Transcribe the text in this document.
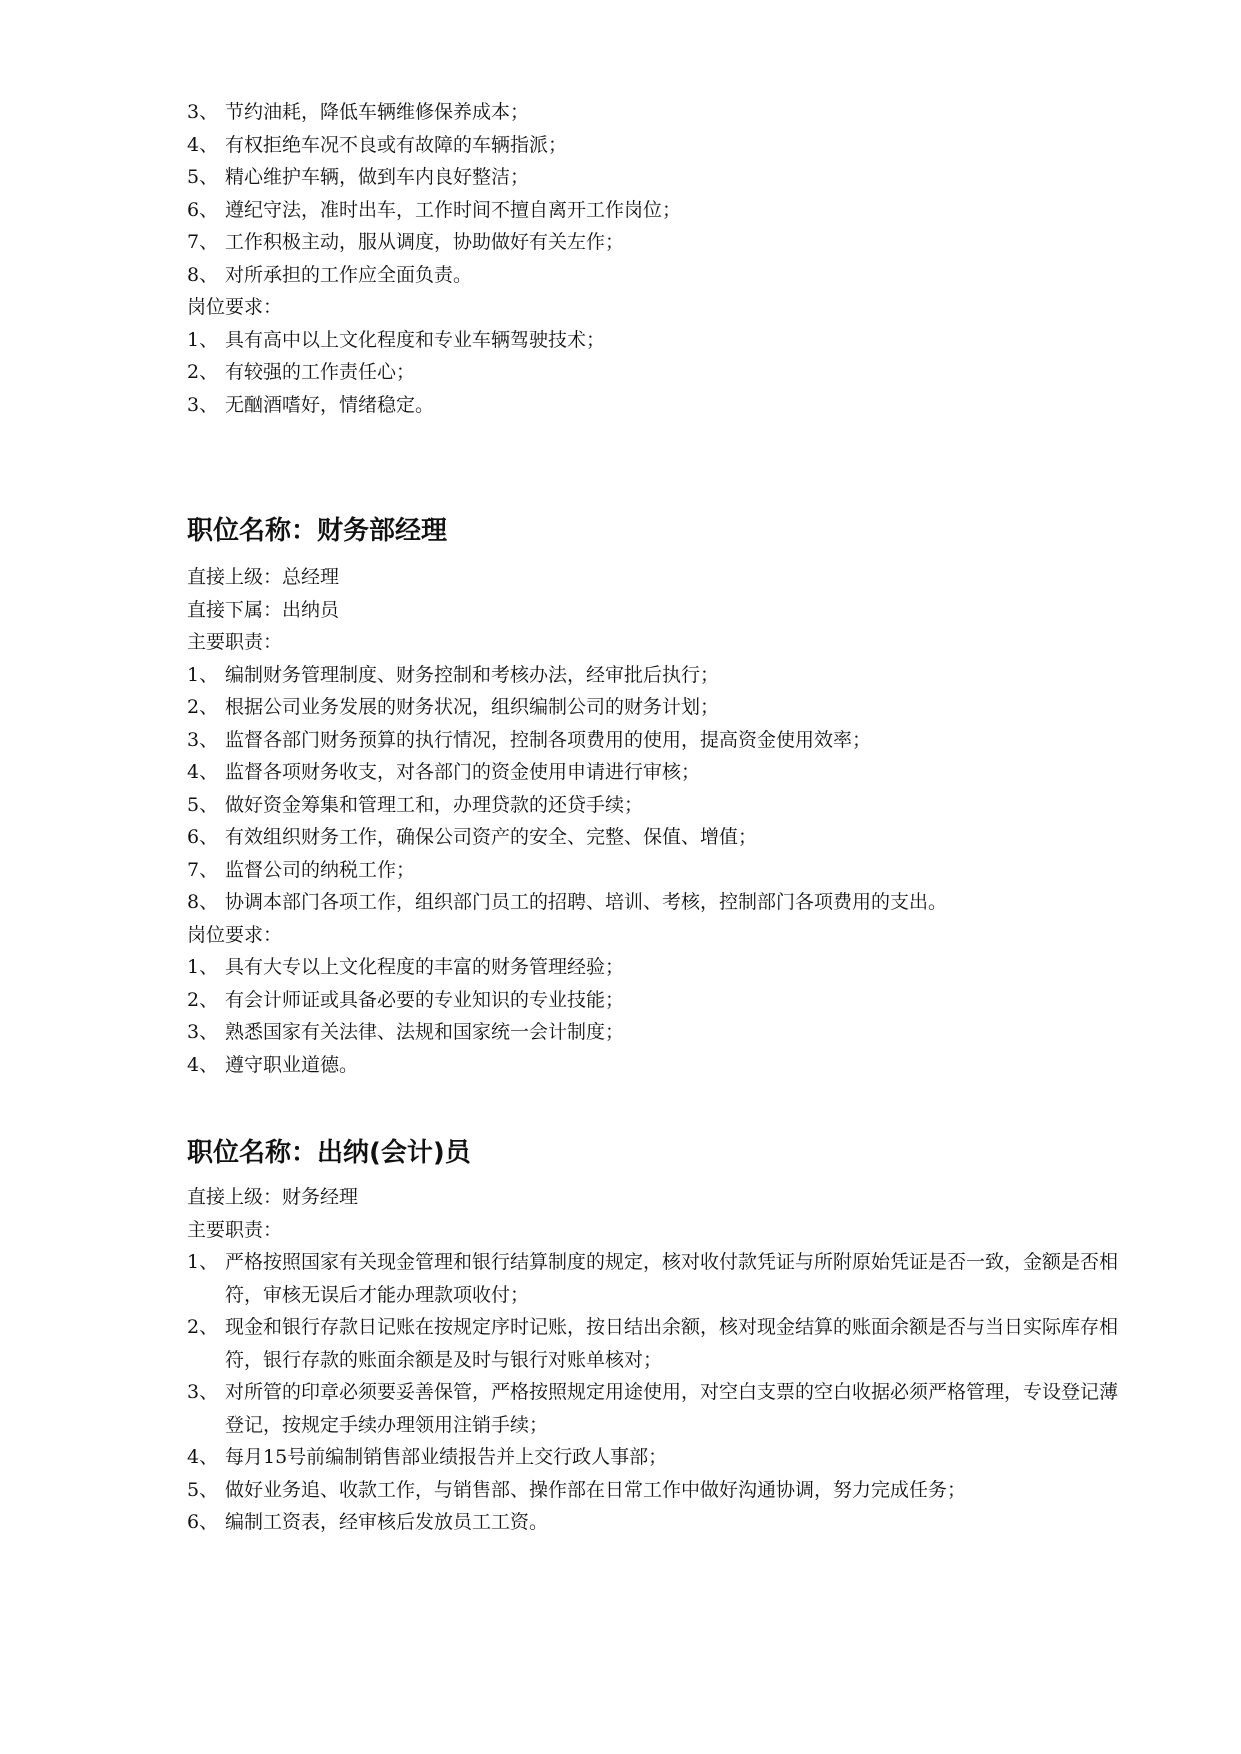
3、 节约油耗，降低车辆维修保养成本；
4、 有权拒绝车况不良或有故障的车辆指派；
5、 精心维护车辆，做到车内良好整洁；
6、 遵纪守法，准时出车，工作时间不擅自离开工作岗位；
7、 工作积极主动，服从调度，协助做好有关左作；
8、 对所承担的工作应全面负责。

岗位要求：

1、 具有高中以上文化程度和专业车辆驾驶技术；
2、 有较强的工作责任心；
3、 无酗酒嗜好，情绪稳定。
职位名称：财务部经理

直接上级：总经理

直接下属：出纳员

主要职责：

1、 编制财务管理制度、财务控制和考核办法，经审批后执行；
2、 根据公司业务发展的财务状况，组织编制公司的财务计划；
3、 监督各部门财务预算的执行情况，控制各项费用的使用，提高资金使用效率；
4、 监督各项财务收支，对各部门的资金使用申请进行审核；
5、 做好资金筹集和管理工和，办理贷款的还贷手续；
6、 有效组织财务工作，确保公司资产的安全、完整、保值、增值；
7、 监督公司的纳税工作；
8、 协调本部门各项工作，组织部门员工的招聘、培训、考核，控制部门各项费用的支出。

岗位要求：

1、 具有大专以上文化程度的丰富的财务管理经验；
2、 有会计师证或具备必要的专业知识的专业技能；
3、 熟悉国家有关法律、法规和国家统一会计制度；
4、 遵守职业道德。
职位名称：出纳(会计)员

直接上级：财务经理

主要职责：

1、 严格按照国家有关现金管理和银行结算制度的规定，核对收付款凭证与所附原始凭证是否一致，金额是否相符，审核无误后才能办理款项收付；
2、 现金和银行存款日记账在按规定序时记账，按日结出余额，核对现金结算的账面余额是否与当日实际库存相符，银行存款的账面余额是及时与银行对账单核对；
3、 对所管的印章必须要妥善保管，严格按照规定用途使用，对空白支票的空白收据必须严格管理，专设登记薄登记，按规定手续办理领用注销手续；
4、 每月15号前编制销售部业绩报告并上交行政人事部；
5、 做好业务追、收款工作，与销售部、操作部在日常工作中做好沟通协调，努力完成任务；
6、 编制工资表，经审核后发放员工工资。
